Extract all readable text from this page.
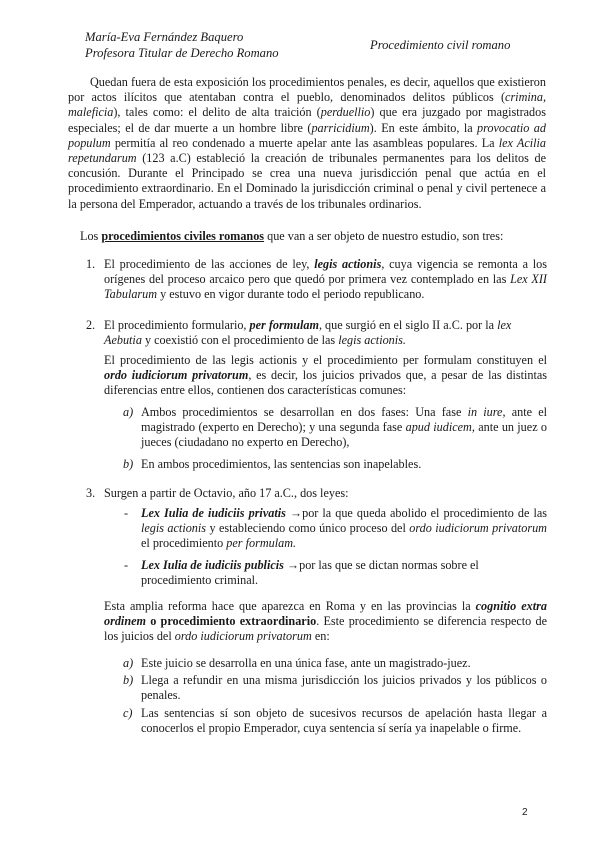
María-Eva Fernández Baquero
Profesora Titular de Derecho Romano
Procedimiento civil romano

Quedan fuera de esta exposición los procedimientos penales, es decir, aquellos que existieron por actos ilícitos que atentaban contra el pueblo, denominados delitos públicos (crimina, maleficia), tales como: el delito de alta traición (perduellio) que era juzgado por magistrados especiales; el de dar muerte a un hombre libre (parricidium). En este ámbito, la provocatio ad populum permitía al reo condenado a muerte apelar ante las asambleas populares. La lex Acilia repetundarum (123 a.C) estableció la creación de tribunales permanentes para los delitos de concusión. Durante el Principado se crea una nueva jurisdicción penal que actúa en el procedimiento extraordinario. En el Dominado la jurisdicción criminal o penal y civil pertenece a la persona del Emperador, actuando a través de los tribunales ordinarios.

Los procedimientos civiles romanos que van a ser objeto de nuestro estudio, son tres:

1. El procedimiento de las acciones de ley, legis actionis, cuya vigencia se remonta a los orígenes del proceso arcaico pero que quedó por primera vez contemplado en las Lex XII Tabularum y estuvo en vigor durante todo el periodo republicano.

2. El procedimiento formulario, per formulam, que surgió en el siglo II a.C. por la lex Aebutia y coexistió con el procedimiento de las legis actionis.

El procedimiento de las legis actionis y el procedimiento per formulam constituyen el ordo iudiciorum privatorum, es decir, los juicios privados que, a pesar de las distintas diferencias entre ellos, contienen dos características comunes:

a) Ambos procedimientos se desarrollan en dos fases: Una fase in iure, ante el magistrado (experto en Derecho); y una segunda fase apud iudicem, ante un juez o jueces (ciudadano no experto en Derecho),

b) En ambos procedimientos, las sentencias son inapelables.

3. Surgen a partir de Octavio, año 17 a.C., dos leyes:

- Lex Iulia de iudiciis privatis →por la que queda abolido el procedimiento de las legis actionis y estableciendo como único proceso del ordo iudiciorum privatorum el procedimiento per formulam.

- Lex Iulia de iudiciis publicis →por las que se dictan normas sobre el procedimiento criminal.

Esta amplia reforma hace que aparezca en Roma y en las provincias la cognitio extra ordinem o procedimiento extraordinario. Este procedimiento se diferencia respecto de los juicios del ordo iudiciorum privatorum en:

a) Este juicio se desarrolla en una única fase, ante un magistrado-juez.

b) Llega a refundir en una misma jurisdicción los juicios privados y los públicos o penales.

c) Las sentencias sí son objeto de sucesivos recursos de apelación hasta llegar a conocerlos el propio Emperador, cuya sentencia sí sería ya inapelable o firme.

2
